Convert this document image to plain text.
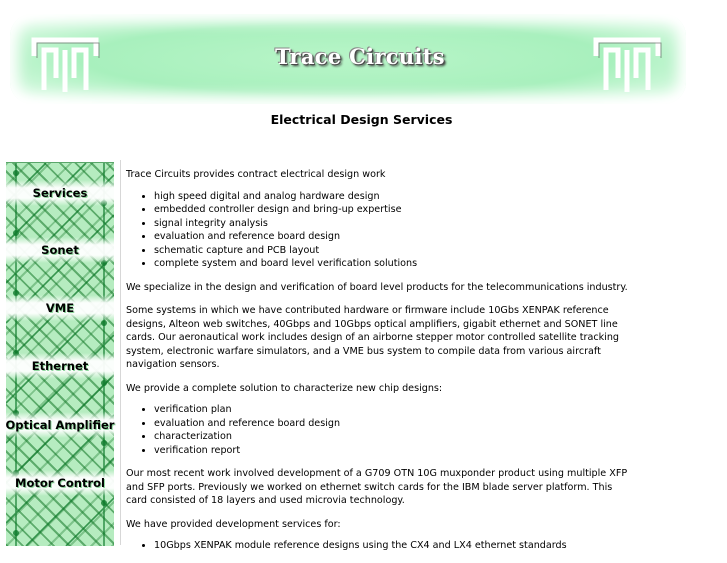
Trace Circuits
Electrical Design Services
Services
Sonet
VME
Ethernet
Optical Amplifier
Motor Control

Trace Circuits provides contract electrical design work

• high speed digital and analog hardware design
• embedded controller design and bring-up expertise
• signal integrity analysis
• evaluation and reference board design
• schematic capture and PCB layout
• complete system and board level verification solutions

We specialize in the design and verification of board level products for the telecommunications industry.

Some systems in which we have contributed hardware or firmware include 10Gbs XENPAK reference designs, Alteon web switches, 40Gbps and 10Gbps optical amplifiers, gigabit ethernet and SONET line cards. Our aeronautical work includes design of an airborne stepper motor controlled satellite tracking system, electronic warfare simulators, and a VME bus system to compile data from various aircraft navigation sensors.

We provide a complete solution to characterize new chip designs:

• verification plan
• evaluation and reference board design
• characterization
• verification report

Our most recent work involved development of a G709 OTN 10G muxponder product using multiple XFP and SFP ports. Previously we worked on ethernet switch cards for the IBM blade server platform. This card consisted of 18 layers and used microvia technology.

We have provided development services for:

• 10Gbps XENPAK module reference designs using the CX4 and LX4 ethernet standards
